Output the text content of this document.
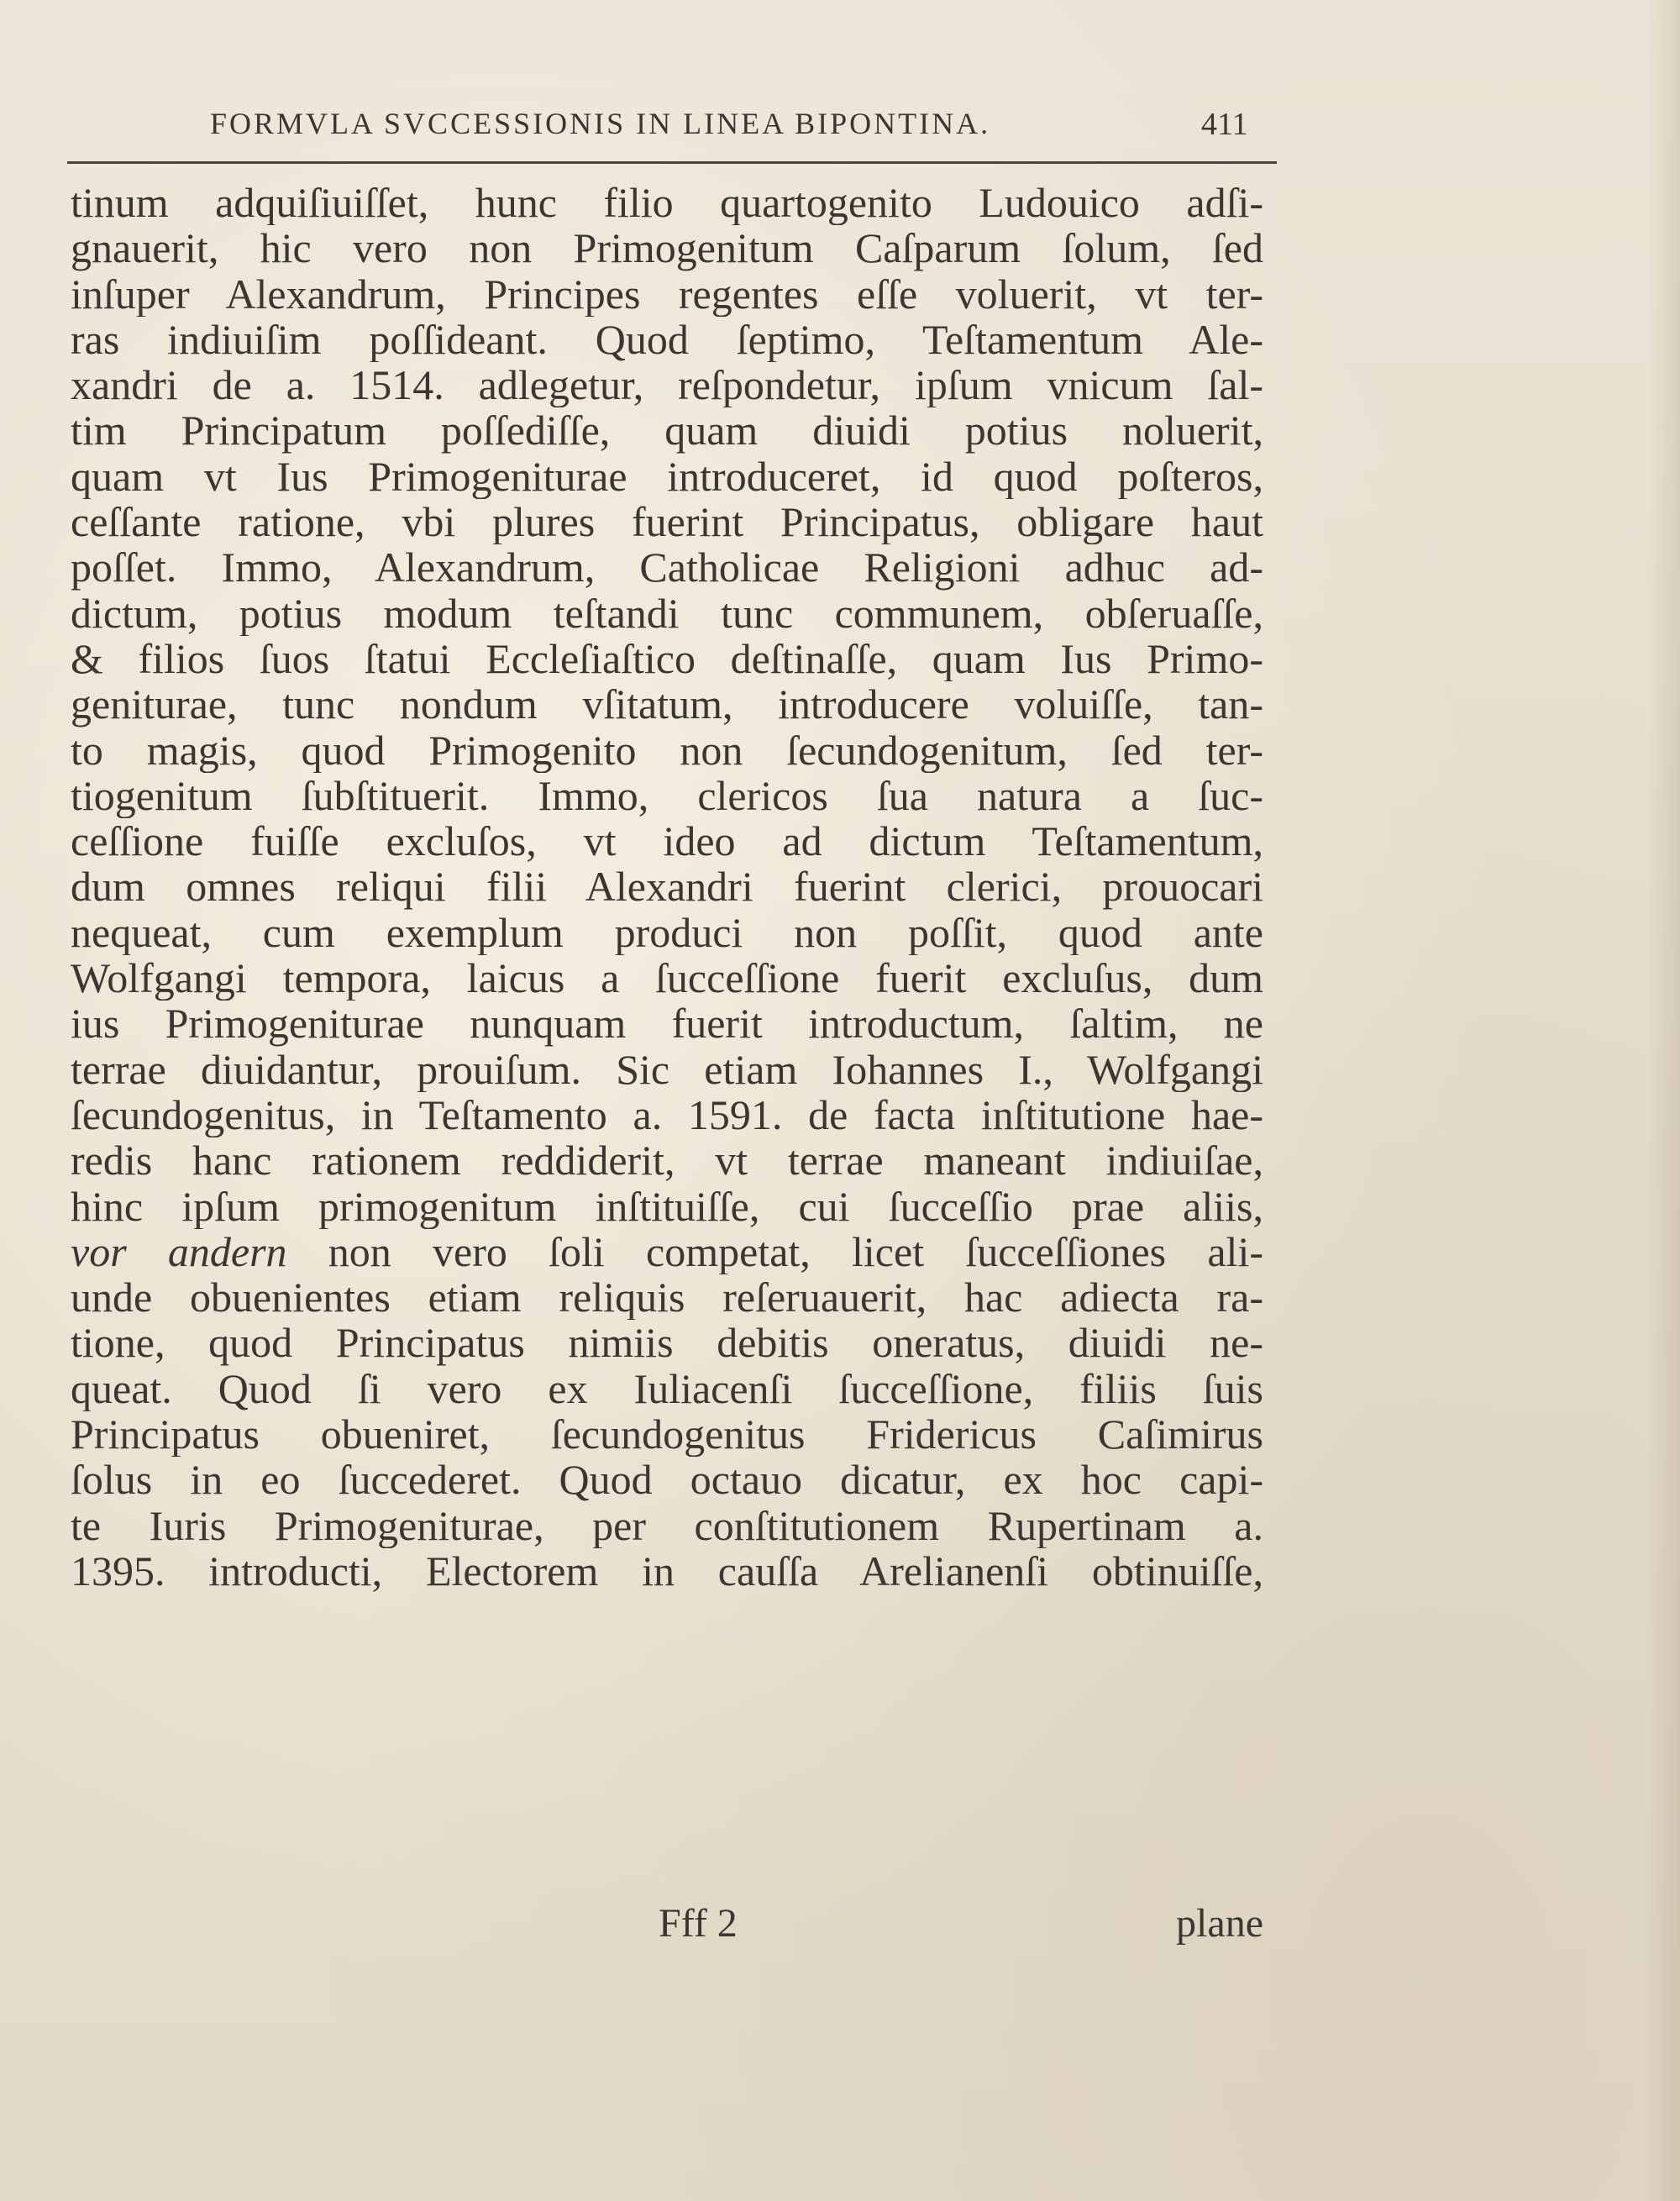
FORMVLA SVCCESSIONIS IN LINEA BIPONTINA.	411
tinum adquiſiuiſſet, hunc filio quartogenito Ludouico adſi-
gnauerit, hic vero non Primogenitum Caſparum ſolum, ſed
inſuper Alexandrum, Principes regentes eſſe voluerit, vt ter-
ras indiuiſim poſſideant. Quod ſeptimo, Teſtamentum Ale-
xandri de a. 1514. adlegetur, reſpondetur, ipſum vnicum ſal-
tim Principatum poſſediſſe, quam diuidi potius noluerit,
quam vt Ius Primogeniturae introduceret, id quod poſteros,
ceſſante ratione, vbi plures fuerint Principatus, obligare haut
poſſet. Immo, Alexandrum, Catholicae Religioni adhuc ad-
dictum, potius modum teſtandi tunc communem, obſeruaſſe,
& filios ſuos ſtatui Eccleſiaſtico deſtinaſſe, quam Ius Primo-
geniturae, tunc nondum vſitatum, introducere voluiſſe, tan-
to magis, quod Primogenito non ſecundogenitum, ſed ter-
tiogenitum ſubſtituerit. Immo, clericos ſua natura a ſuc-
ceſſione fuiſſe excluſos, vt ideo ad dictum Teſtamentum,
dum omnes reliqui filii Alexandri fuerint clerici, prouocari
nequeat, cum exemplum produci non poſſit, quod ante
Wolfgangi tempora, laicus a ſucceſſione fuerit excluſus, dum
ius Primogeniturae nunquam fuerit introductum, ſaltim, ne
terrae diuidantur, prouiſum. Sic etiam Iohannes I., Wolfgangi
ſecundogenitus, in Teſtamento a. 1591. de facta inſtitutione hae-
redis hanc rationem reddiderit, vt terrae maneant indiuiſae,
hinc ipſum primogenitum inſtituiſſe, cui ſucceſſio prae aliis,
vor andern non vero ſoli competat, licet ſucceſſiones ali-
unde obuenientes etiam reliquis reſeruauerit, hac adiecta ra-
tione, quod Principatus nimiis debitis oneratus, diuidi ne-
queat. Quod ſi vero ex Iuliacenſi ſucceſſione, filiis ſuis
Principatus obueniret, ſecundogenitus Fridericus Caſimirus
ſolus in eo ſuccederet. Quod octauo dicatur, ex hoc capi-
te Iuris Primogeniturae, per conſtitutionem Rupertinam a.
1395. introducti, Electorem in cauſſa Arelianenſi obtinuiſſe,
Fff 2	plane
